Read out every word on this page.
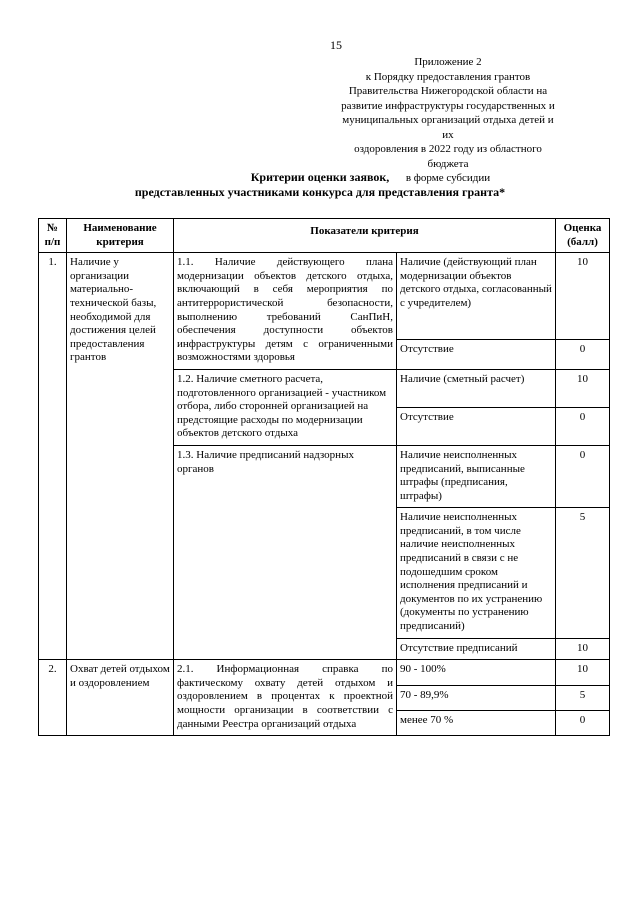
15
Приложение 2
к Порядку предоставления грантов
Правительства Нижегородской области на
развитие инфраструктуры государственных и
муниципальных организаций отдыха детей и их
оздоровления в 2022 году из областного бюджета
в форме субсидии
Критерии оценки заявок,
представленных участниками конкурса для представления гранта*
№ п/п	Наименование критерия	Показатели критерия		Оценка (балл)
1.	Наличие у организации материально-технической базы, необходимой для достижения целей предоставления грантов	1.1. Наличие действующего плана модернизации объектов детского отдыха, включающий в себя мероприятия по антитеррористической безопасности, выполнению требований СанПиН, обеспечения доступности объектов инфраструктуры детям с ограниченными возможностями здоровья	Наличие (действующий план модернизации объектов детского отдыха, согласованный с учредителем)	10
			Отсутствие	0
		1.2. Наличие сметного расчета, подготовленного организацией - участником отбора, либо сторонней организацией на предстоящие расходы по модернизации объектов детского отдыха	Наличие (сметный расчет)	10
			Отсутствие	0
		1.3. Наличие предписаний надзорных органов	Наличие неисполненных предписаний, выписанные штрафы (предписания, штрафы)	0
			Наличие неисполненных предписаний, в том числе наличие неисполненных предписаний в связи с не подошедшим сроком исполнения предписаний и документов по их устранению (документы по устранению предписаний)	5
			Отсутствие предписаний	10
2.	Охват детей отдыхом и оздоровлением	2.1. Информационная справка по фактическому охвату детей отдыхом и оздоровлением в процентах к проектной мощности организации в соответствии с данными Реестра организаций отдыха	90 - 100%	10
			70 - 89,9%	5
			менее 70 %	0
